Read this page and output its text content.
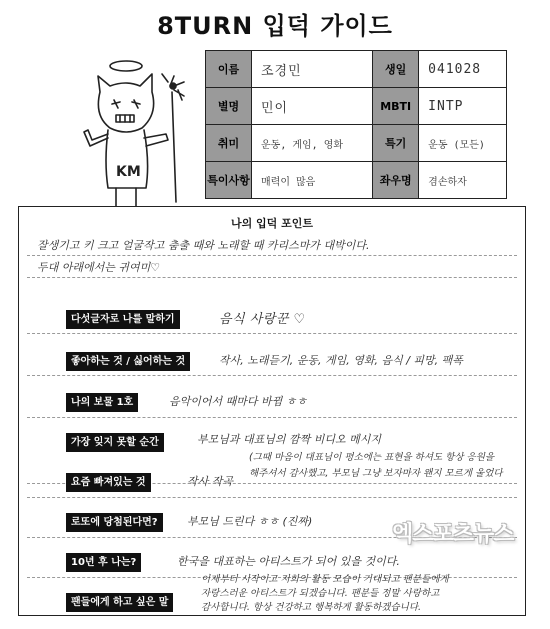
8TURN 입덕 가이드
KM
이름	조경민	생일	041028
별명	민이	MBTI	INTP
취미	운동, 게임, 영화	특기	운동 (모든)
특이사항	매력이 많음	좌우명	겸손하자
나의 입덕 포인트
잘생기고 키 크고 얼굴작고 춤출 때와 노래할 때 카리스마가 대박이다.
두대 아래에서는 귀여미♡
다섯글자로 나를 말하기	음식 사랑꾼 ♡
좋아하는 것 / 싫어하는 것	작사, 노래듣기, 운동, 게임, 영화, 음식 / 피망, 팩폭
나의 보물 1호	음악이어서 때마다 바뀜 ㅎㅎ
가장 잊지 못할 순간	부모님과 대표님의 깜짝 비디오 메시지
(그때 마음이 대표님이 평소에는 표현을 하셔도 항상 응원을
해주셔서 감사했고, 부모님 그냥 보자마자 왠지 모르게 울었다
요즘 빠져있는 것	작사 작곡
로또에 당첨된다면?	부모님 드린다 ㅎㅎ (진짜)
10년 후 나는?	한국을 대표하는 아티스트가 되어 있을 것이다.
팬들에게 하고 싶은 말
이제부터 시작이고 저희의 활동 모습이 기대되고 팬분들에게
자랑스러운 아티스트가 되겠습니다. 팬분들 정말 사랑하고
감사합니다. 항상 건강하고 행복하게 활동하겠습니다.
엑스포츠뉴스
